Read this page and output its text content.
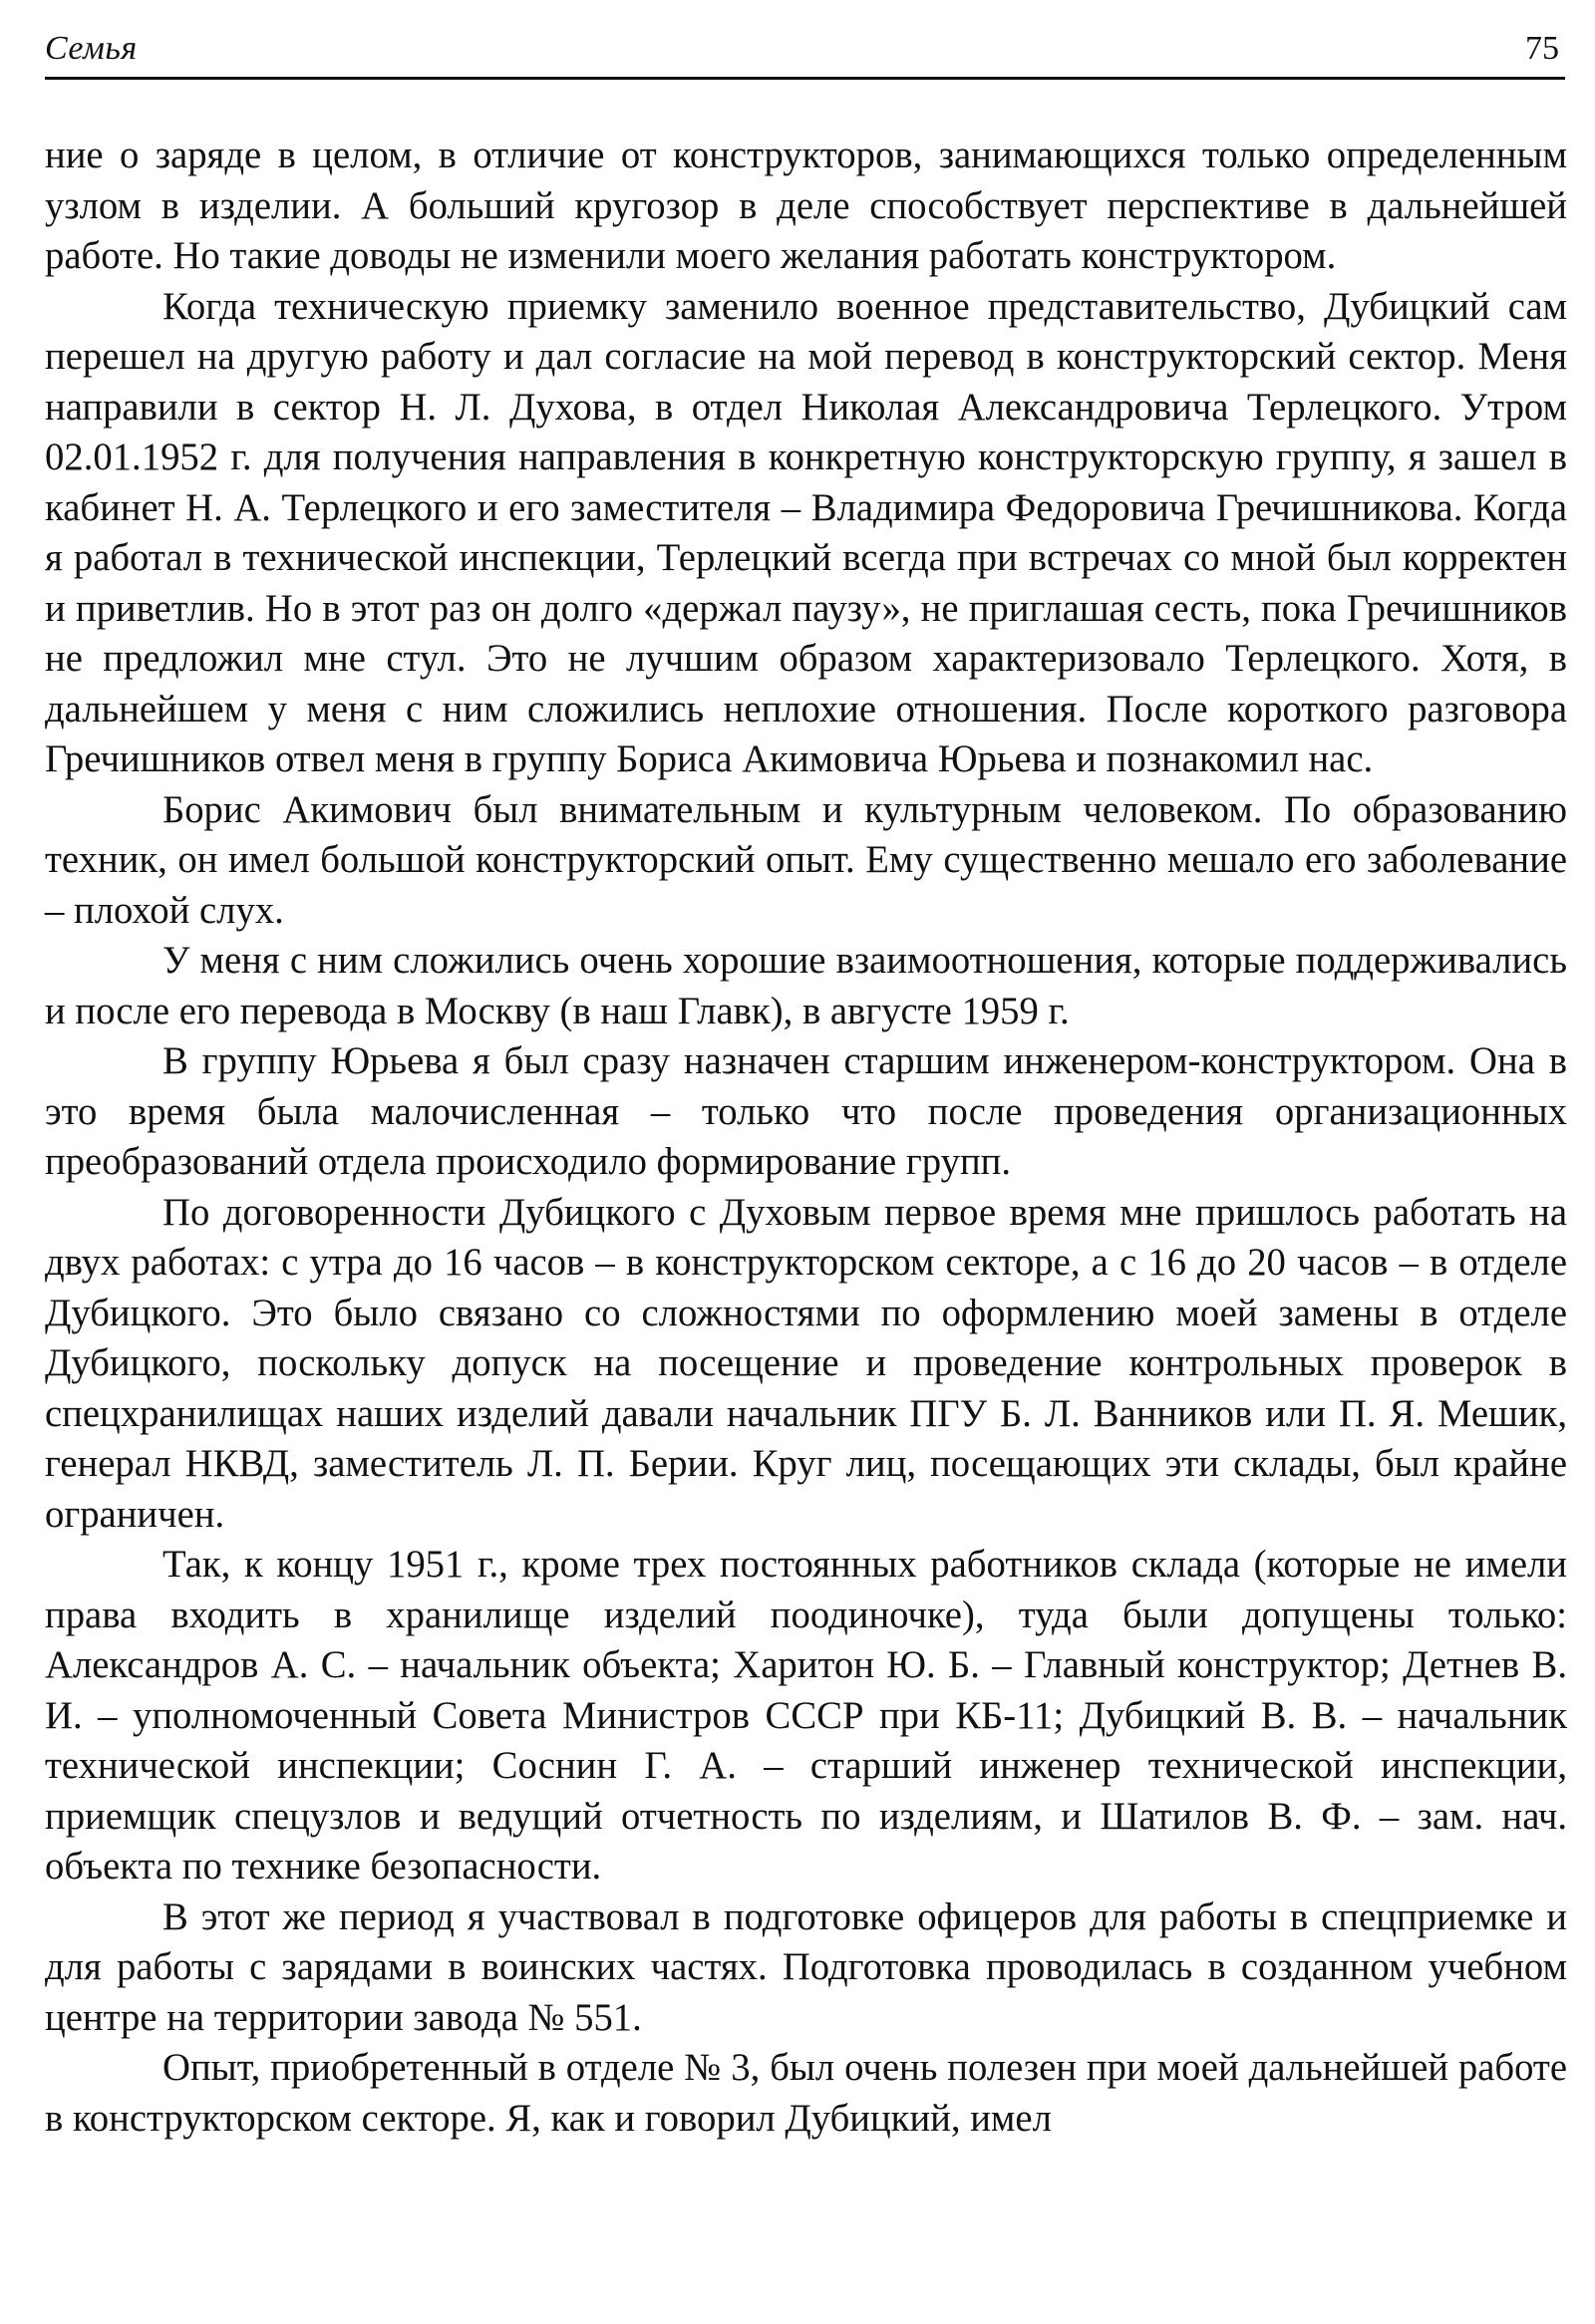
Семья	75

ние о заряде в целом, в отличие от конструкторов, занимающихся только определенным узлом в изделии. А больший кругозор в деле способствует перспективе в дальнейшей работе. Но такие доводы не изменили моего желания работать конструктором.

Когда техническую приемку заменило военное представительство, Дубицкий сам перешел на другую работу и дал согласие на мой перевод в конструкторский сектор. Меня направили в сектор Н. Л. Духова, в отдел Николая Александровича Терлецкого. Утром 02.01.1952 г. для получения направления в конкретную конструкторскую группу, я зашел в кабинет Н. А. Терлецкого и его заместителя – Владимира Федоровича Гречишникова. Когда я работал в технической инспекции, Терлецкий всегда при встречах со мной был корректен и приветлив. Но в этот раз он долго «держал паузу», не приглашая сесть, пока Гречишников не предложил мне стул. Это не лучшим образом характеризовало Терлецкого. Хотя, в дальнейшем у меня с ним сложились неплохие отношения. После короткого разговора Гречишников отвел меня в группу Бориса Акимовича Юрьева и познакомил нас.

Борис Акимович был внимательным и культурным человеком. По образованию техник, он имел большой конструкторский опыт. Ему существенно мешало его заболевание – плохой слух.

У меня с ним сложились очень хорошие взаимоотношения, которые поддерживались и после его перевода в Москву (в наш Главк), в августе 1959 г.

В группу Юрьева я был сразу назначен старшим инженером-конструктором. Она в это время была малочисленная – только что после проведения организационных преобразований отдела происходило формирование групп.

По договоренности Дубицкого с Духовым первое время мне пришлось работать на двух работах: с утра до 16 часов – в конструкторском секторе, а с 16 до 20 часов – в отделе Дубицкого. Это было связано со сложностями по оформлению моей замены в отделе Дубицкого, поскольку допуск на посещение и проведение контрольных проверок в спецхранилищах наших изделий давали начальник ПГУ Б. Л. Ванников или П. Я. Мешик, генерал НКВД, заместитель Л. П. Берии. Круг лиц, посещающих эти склады, был крайне ограничен.

Так, к концу 1951 г., кроме трех постоянных работников склада (которые не имели права входить в хранилище изделий поодиночке), туда были допущены только: Александров А. С. – начальник объекта; Харитон Ю. Б. – Главный конструктор; Детнев В. И. – уполномоченный Совета Министров СССР при КБ-11; Дубицкий В. В. – начальник технической инспекции; Соснин Г. А. – старший инженер технической инспекции, приемщик спецузлов и ведущий отчетность по изделиям, и Шатилов В. Ф. – зам. нач. объекта по технике безопасности.

В этот же период я участвовал в подготовке офицеров для работы в спецприемке и для работы с зарядами в воинских частях. Подготовка проводилась в созданном учебном центре на территории завода № 551.

Опыт, приобретенный в отделе № 3, был очень полезен при моей дальнейшей работе в конструкторском секторе. Я, как и говорил Дубицкий, имел
